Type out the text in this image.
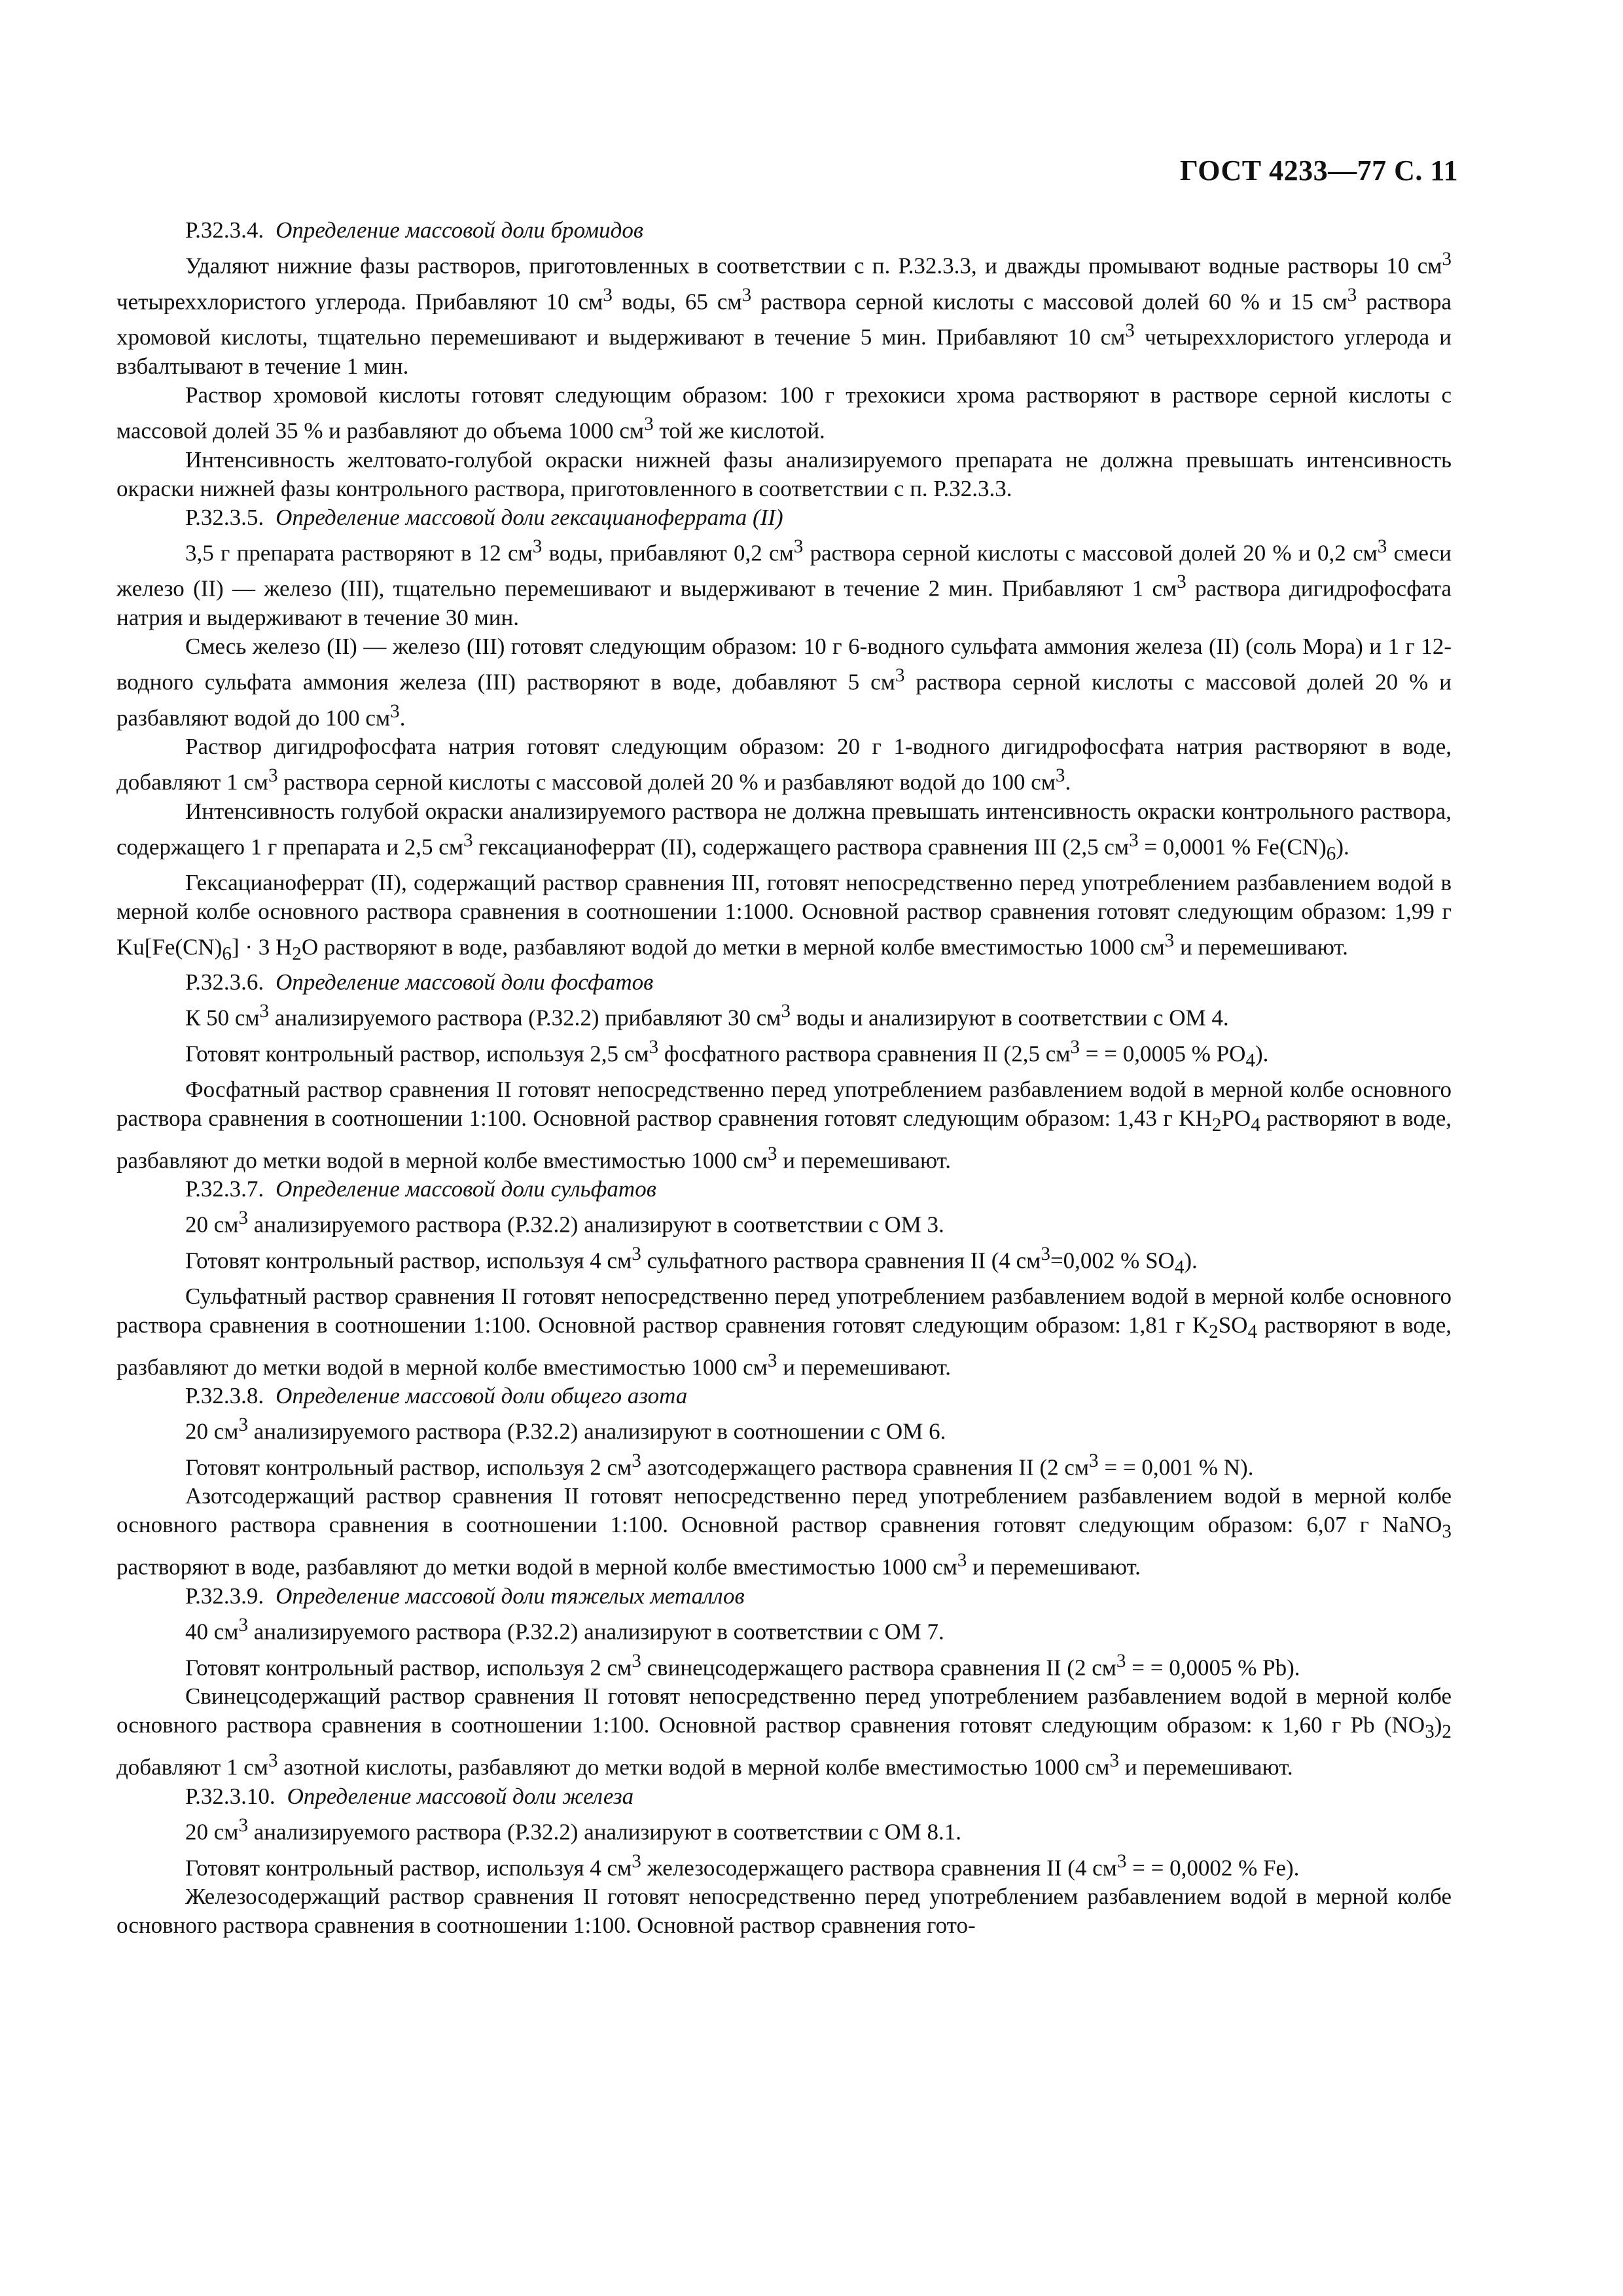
ГОСТ 4233—77 С. 11

Р.32.3.4. Определение массовой доли бромидов

Удаляют нижние фазы растворов, приготовленных в соответствии с п. Р.32.3.3, и дважды промывают водные растворы 10 $см^3$ четыреххлористого углерода. Прибавляют 10 $см^3$ воды, 65 $см^3$ раствора серной кислоты с массовой долей 60 % и 15 $см^3$ раствора хромовой кислоты, тщательно перемешивают и выдерживают в течение 5 мин. Прибавляют 10 $см^3$ четыреххлористого углерода и взбалтывают в течение 1 мин.

Раствор хромовой кислоты готовят следующим образом: 100 г трехокиси хрома растворяют в растворе серной кислоты с массовой долей 35 % и разбавляют до объема 1000 $см^3$ той же кислотой.

Интенсивность желтовато-голубой окраски нижней фазы анализируемого препарата не должна превышать интенсивность окраски нижней фазы контрольного раствора, приготовленного в соответствии с п. Р.32.3.3.

Р.32.3.5. Определение массовой доли гексацианоферрата (II)

3,5 г препарата растворяют в 12 $см^3$ воды, прибавляют 0,2 $см^3$ раствора серной кислоты с массовой долей 20 % и 0,2 $см^3$ смеси железо (II) — железо (III), тщательно перемешивают и выдерживают в течение 2 мин. Прибавляют 1 $см^3$ раствора дигидрофосфата натрия и выдерживают в течение 30 мин.

Смесь железо (II) — железо (III) готовят следующим образом: 10 г 6-водного сульфата аммония железа (II) (соль Мора) и 1 г 12-водного сульфата аммония железа (III) растворяют в воде, добавляют 5 $см^3$ раствора серной кислоты с массовой долей 20 % и разбавляют водой до 100 $см^3$.

Раствор дигидрофосфата натрия готовят следующим образом: 20 г 1-водного дигидрофосфата натрия растворяют в воде, добавляют 1 $см^3$ раствора серной кислоты с массовой долей 20 % и разбавляют водой до 100 $см^3$.

Интенсивность голубой окраски анализируемого раствора не должна превышать интенсивность окраски контрольного раствора, содержащего 1 г препарата и 2,5 $см^3$ гексацианоферрат (II), содержащего раствора сравнения III (2,5 $см^3 = 0,0001$ % $Fe(CN)_6$).

Гексацианоферрат (II), содержащий раствор сравнения III, готовят непосредственно перед употреблением разбавлением водой в мерной колбе основного раствора сравнения в соотношении 1:1000. Основной раствор сравнения готовят следующим образом: 1,99 г $Ku[Fe(CN)_6] \cdot 3$ $H_2O$ растворяют в воде, разбавляют водой до метки в мерной колбе вместимостью 1000 $см^3$ и перемешивают.

Р.32.3.6. Определение массовой доли фосфатов

К 50 $см^3$ анализируемого раствора (Р.32.2) прибавляют 30 $см^3$ воды и анализируют в соответствии с ОМ 4.

Готовят контрольный раствор, используя 2,5 $см^3$ фосфатного раствора сравнения II (2,5 $см^3$ = = 0,0005 % $PO_4$).

Фосфатный раствор сравнения II готовят непосредственно перед употреблением разбавлением водой в мерной колбе основного раствора сравнения в соотношении 1:100. Основной раствор сравнения готовят следующим образом: 1,43 г $KH_2PO_4$ растворяют в воде, разбавляют до метки водой в мерной колбе вместимостью 1000 $см^3$ и перемешивают.

Р.32.3.7. Определение массовой доли сульфатов

20 $см^3$ анализируемого раствора (Р.32.2) анализируют в соответствии с ОМ 3.

Готовят контрольный раствор, используя 4 $см^3$ сульфатного раствора сравнения II (4 $см^3=0,002$ % $SO_4$).

Сульфатный раствор сравнения II готовят непосредственно перед употреблением разбавлением водой в мерной колбе основного раствора сравнения в соотношении 1:100. Основной раствор сравнения готовят следующим образом: 1,81 г $K_2SO_4$ растворяют в воде, разбавляют до метки водой в мерной колбе вместимостью 1000 $см^3$ и перемешивают.

Р.32.3.8. Определение массовой доли общего азота

20 $см^3$ анализируемого раствора (Р.32.2) анализируют в соотношении с ОМ 6.

Готовят контрольный раствор, используя 2 $см^3$ азотсодержащего раствора сравнения II (2 $см^3$ = = 0,001 % N).

Азотсодержащий раствор сравнения II готовят непосредственно перед употреблением разбавлением водой в мерной колбе основного раствора сравнения в соотношении 1:100. Основной раствор сравнения готовят следующим образом: 6,07 г NaNO$_3$ растворяют в воде, разбавляют до метки водой в мерной колбе вместимостью 1000 $см^3$ и перемешивают.

Р.32.3.9. Определение массовой доли тяжелых металлов

40 $см^3$ анализируемого раствора (Р.32.2) анализируют в соответствии с ОМ 7.

Готовят контрольный раствор, используя 2 $см^3$ свинецсодержащего раствора сравнения II (2 $см^3$ = = 0,0005 % Pb).

Свинецсодержащий раствор сравнения II готовят непосредственно перед употреблением разбавлением водой в мерной колбе основного раствора сравнения в соотношении 1:100. Основной раствор сравнения готовят следующим образом: к 1,60 г Pb $(NO_3)_2$ добавляют 1 $см^3$ азотной кислоты, разбавляют до метки водой в мерной колбе вместимостью 1000 $см^3$ и перемешивают.

Р.32.3.10. Определение массовой доли железа

20 $см^3$ анализируемого раствора (Р.32.2) анализируют в соответствии с ОМ 8.1.

Готовят контрольный раствор, используя 4 $см^3$ железосодержащего раствора сравнения II (4 $см^3$ = = 0,0002 % Fe).

Железосодержащий раствор сравнения II готовят непосредственно перед употреблением разбавлением водой в мерной колбе основного раствора сравнения в соотношении 1:100. Основной раствор сравнения гото-
